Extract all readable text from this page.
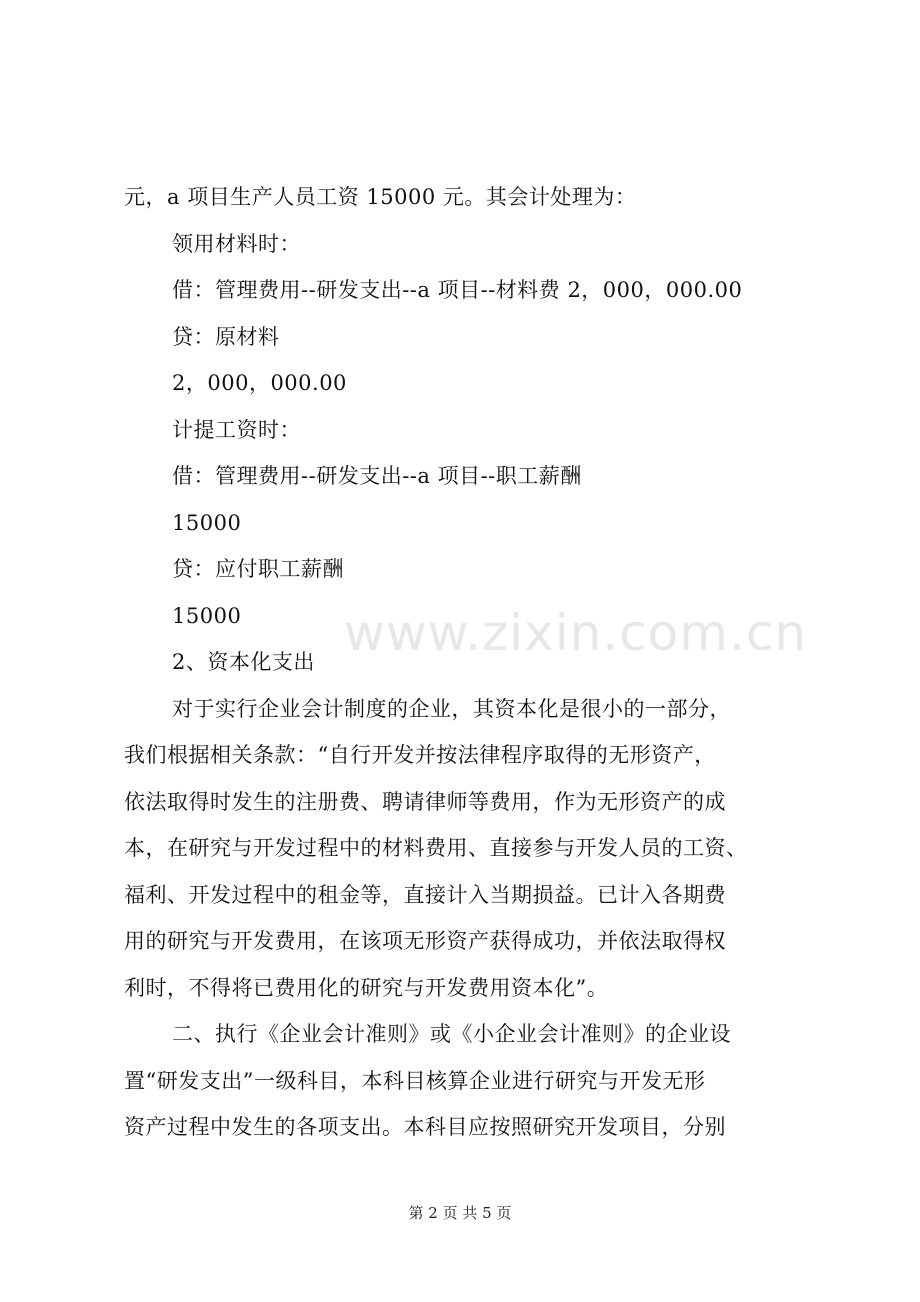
元，a 项目生产人员工资 15000 元。其会计处理为：
领用材料时：
借：管理费用--研发支出--a 项目--材料费 2，000，000.00
贷：原材料
2，000，000.00
计提工资时：
借：管理费用--研发支出--a 项目--职工薪酬
15000
贷：应付职工薪酬
15000
2、资本化支出
对于实行企业会计制度的企业，其资本化是很小的一部分，
我们根据相关条款：“自行开发并按法律程序取得的无形资产，
依法取得时发生的注册费、聘请律师等费用，作为无形资产的成
本，在研究与开发过程中的材料费用、直接参与开发人员的工资、
福利、开发过程中的租金等，直接计入当期损益。已计入各期费
用的研究与开发费用，在该项无形资产获得成功，并依法取得权
利时，不得将已费用化的研究与开发费用资本化”。
二、执行《企业会计准则》或《小企业会计准则》的企业设
置“研发支出”一级科目，本科目核算企业进行研究与开发无形
资产过程中发生的各项支出。本科目应按照研究开发项目，分别
www.zixin.com.cn
第 2 页 共 5 页
